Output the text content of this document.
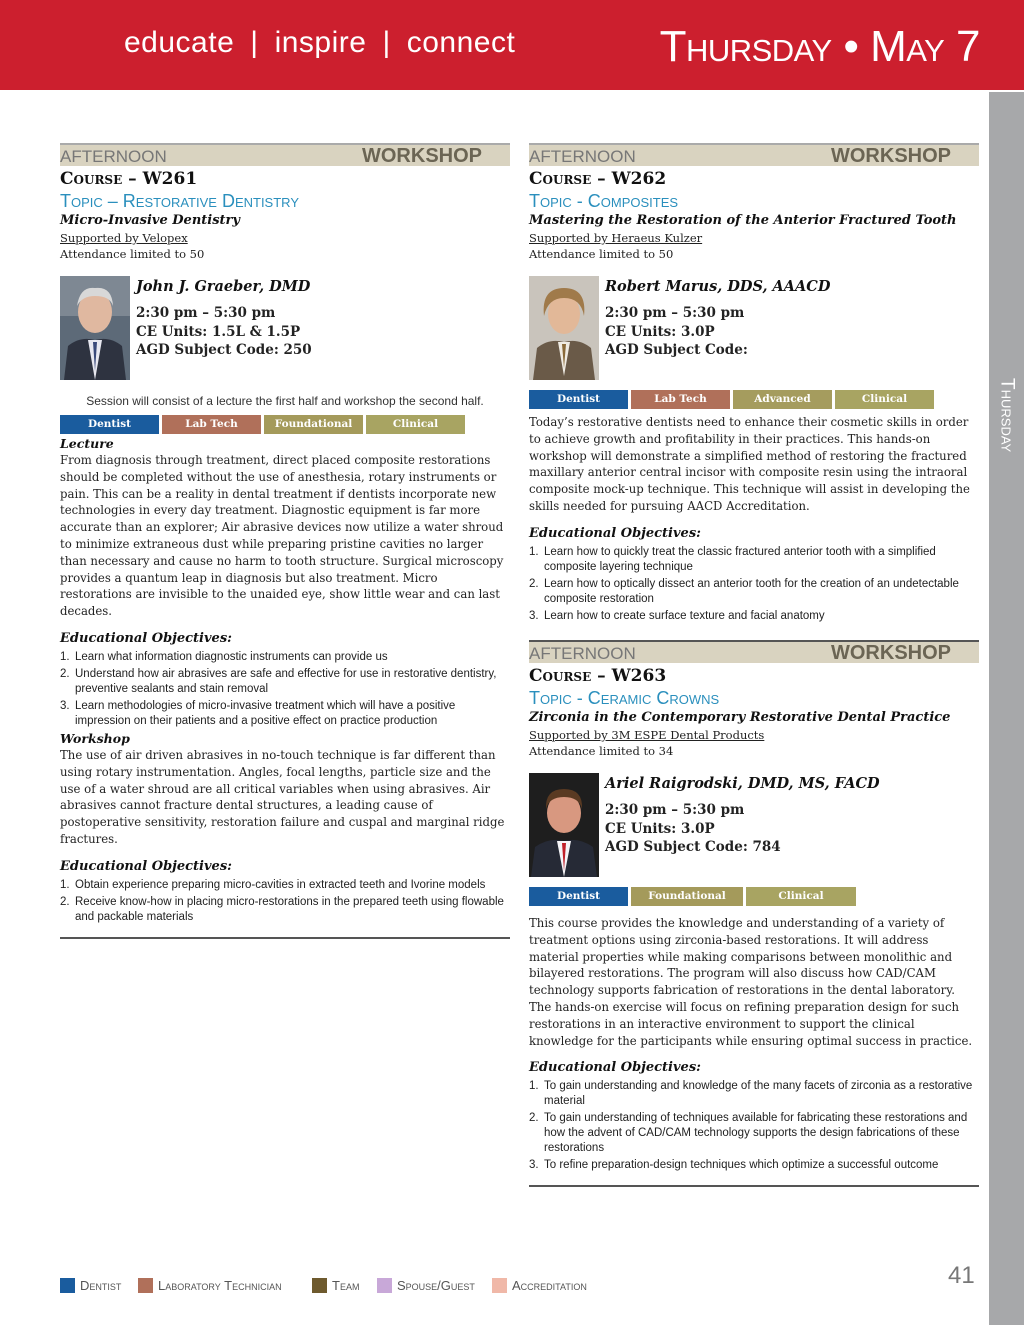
educate | inspire | connect	Thursday • May 7
Thursday
AFTERNOON	WORKSHOP
Course – W261
Topic – Restorative Dentistry
Micro-Invasive Dentistry
Supported by Velopex
Attendance limited to 50
John J. Graeber, DMD
2:30 pm – 5:30 pm
CE Units: 1.5L & 1.5P
AGD Subject Code: 250
Session will consist of a lecture the first half and workshop the second half.
Dentist	Lab Tech	Foundational	Clinical
Lecture
From diagnosis through treatment, direct placed composite restorations should be completed without the use of anesthesia, rotary instruments or pain. This can be a reality in dental treatment if dentists incorporate new technologies in every day treatment. Diagnostic equipment is far more accurate than an explorer; Air abrasive devices now utilize a water shroud to minimize extraneous dust while preparing pristine cavities no larger than necessary and cause no harm to tooth structure. Surgical microscopy provides a quantum leap in diagnosis but also treatment. Micro restorations are invisible to the unaided eye, show little wear and can last decades.
Educational Objectives:
1. Learn what information diagnostic instruments can provide us
2. Understand how air abrasives are safe and effective for use in restorative dentistry, preventive sealants and stain removal
3. Learn methodologies of micro-invasive treatment which will have a positive impression on their patients and a positive effect on practice production
Workshop
The use of air driven abrasives in no-touch technique is far different than using rotary instrumentation. Angles, focal lengths, particle size and the use of a water shroud are all critical variables when using abrasives. Air abrasives cannot fracture dental structures, a leading cause of postoperative sensitivity, restoration failure and cuspal and marginal ridge fractures.
Educational Objectives:
1. Obtain experience preparing micro-cavities in extracted teeth and Ivorine models
2. Receive know-how in placing micro-restorations in the prepared teeth using flowable and packable materials
AFTERNOON	WORKSHOP
Course – W262
Topic - Composites
Mastering the Restoration of the Anterior Fractured Tooth
Supported by Heraeus Kulzer
Attendance limited to 50
Robert Marus, DDS, AAACD
2:30 pm – 5:30 pm
CE Units: 3.0P
AGD Subject Code:
Dentist	Lab Tech	Advanced	Clinical
Today’s restorative dentists need to enhance their cosmetic skills in order to achieve growth and profitability in their practices. This hands-on workshop will demonstrate a simplified method of restoring the fractured maxillary anterior central incisor with composite resin using the intraoral composite mock-up technique. This technique will assist in developing the skills needed for pursuing AACD Accreditation.
Educational Objectives:
1. Learn how to quickly treat the classic fractured anterior tooth with a simplified composite layering technique
2. Learn how to optically dissect an anterior tooth for the creation of an undetectable composite restoration
3. Learn how to create surface texture and facial anatomy
AFTERNOON	WORKSHOP
Course – W263
Topic - Ceramic Crowns
Zirconia in the Contemporary Restorative Dental Practice
Supported by 3M ESPE Dental Products
Attendance limited to 34
Ariel Raigrodski, DMD, MS, FACD
2:30 pm – 5:30 pm
CE Units: 3.0P
AGD Subject Code: 784
Dentist	Foundational	Clinical
This course provides the knowledge and understanding of a variety of treatment options using zirconia-based restorations. It will address material properties while making comparisons between monolithic and bilayered restorations. The program will also discuss how CAD/CAM technology supports fabrication of restorations in the dental laboratory. The hands-on exercise will focus on refining preparation design for such restorations in an interactive environment to support the clinical knowledge for the participants while ensuring optimal success in practice.
Educational Objectives:
1. To gain understanding and knowledge of the many facets of zirconia as a restorative material
2. To gain understanding of techniques available for fabricating these restorations and how the advent of CAD/CAM technology supports the design fabrications of these restorations
3. To refine preparation-design techniques which optimize a successful outcome
Dentist	Laboratory Technician	Team	Spouse/Guest	Accreditation	41
